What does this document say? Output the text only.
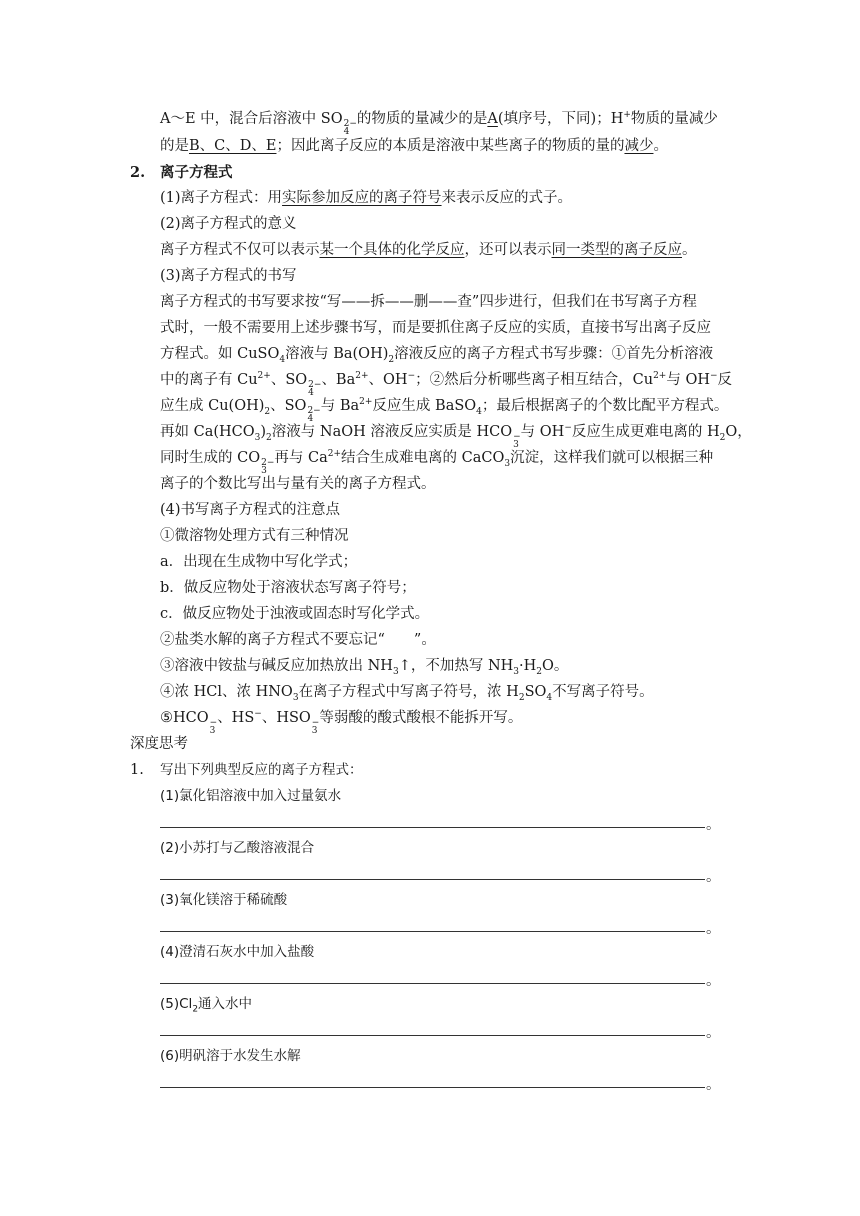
A～E 中，混合后溶液中 SO 2−
4
的物质的量减少的是A(填序号，下同)；H+物质的量减少
的是B、C、D、E；因此离子反应的本质是溶液中某些离子的物质的量的减少。
2. 离子方程式
(1)离子方程式：用实际参加反应的离子符号来表示反应的式子。
(2)离子方程式的意义
离子方程式不仅可以表示某一个具体的化学反应，还可以表示同一类型的离子反应。
(3)离子方程式的书写
离子方程式的书写要求按“写——拆——删——查”四步进行，但我们在书写离子方程
式时，一般不需要用上述步骤书写，而是要抓住离子反应的实质，直接书写出离子反应
方程式。如 CuSO$_4$溶液与 $Ba(OH)_2$溶液反应的离子方程式书写步骤：①首先分析溶液
中的离子有 $Cu^{2+}$、SO 2−
4
、$Ba^{2+}$、OH−；②然后分析哪些离子相互结合，$Cu^{2+}$与 OH−反
应生成 $Cu(OH)_2$、SO 2−
4
与 $Ba^{2+}$反应生成 BaSO$_4$；最后根据离子的个数比配平方程式。
再如 $Ca(HCO_3)_2$溶液与 NaOH 溶液反应实质是 HCO −
3
与 OH−反应生成更难电离的 $H_2O$，
同时生成的 CO 2−
3
再与 $Ca^{2+}$结合生成难电离的 CaCO$_3$沉淀，这样我们就可以根据三种
离子的个数比写出与量有关的离子方程式。
(4)书写离子方程式的注意点
①微溶物处理方式有三种情况
a．出现在生成物中写化学式；
b．做反应物处于溶液状态写离子符号；
c．做反应物处于浊液或固态时写化学式。
②盐类水解的离子方程式不要忘记“　　”。
③溶液中铵盐与碱反应加热放出 $NH_3↑$，不加热写 $NH_3\cdot H_2O$。
④浓 HCl、浓 $HNO_3$在离子方程式中写离子符号，浓 $H_2SO_4$不写离子符号。
⑤HCO −
3
、HS−、HSO −
3
等弱酸的酸式酸根不能拆开写。
深度思考
1. 写出下列典型反应的离子方程式：
(1)氯化铝溶液中加入过量氨水
。
(2)小苏打与乙酸溶液混合
。
(3)氧化镁溶于稀硫酸
。
(4)澄清石灰水中加入盐酸
。
$(5)Cl_2$通入水中
。
(6)明矾溶于水发生水解
。
